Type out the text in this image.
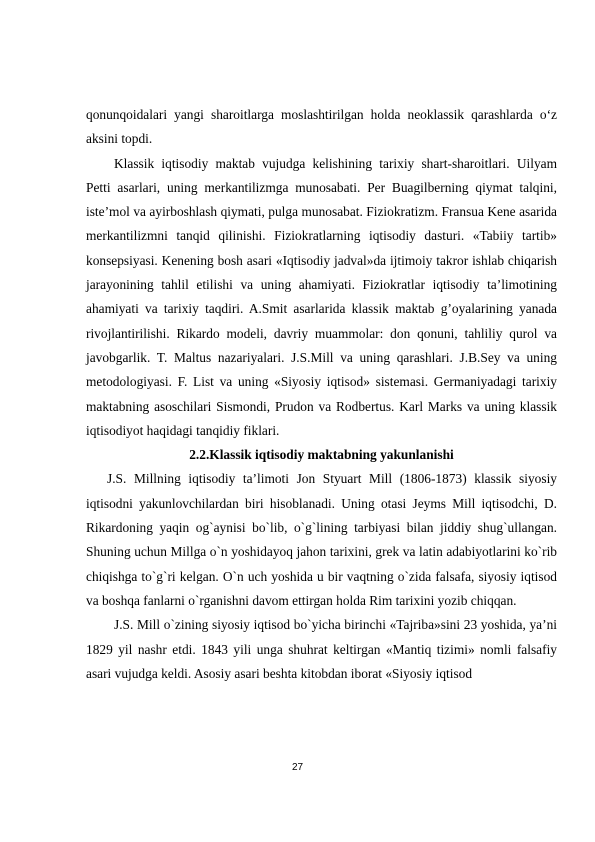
qonunqoidalari yangi sharoitlarga moslashtirilgan holda neoklassik qarashlarda o‘z aksini topdi.

Klassik iqtisodiy maktab vujudga kelishining tarixiy shart-sharoitlari. Uilyam Petti asarlari, uning merkantilizmga munosabati. Per Buagilberning qiymat talqini, iste’mol va ayirboshlash qiymati, pulga munosabat. Fiziokratizm. Fransua Kene asarida merkantilizmni tanqid qilinishi. Fiziokratlarning iqtisodiy dasturi. «Tabiiy tartib» konsepsiyasi. Kenening bosh asari «Iqtisodiy jadval»da ijtimoiy takror ishlab chiqarish jarayonining tahlil etilishi va uning ahamiyati. Fiziokratlar iqtisodiy ta’limotining ahamiyati va tarixiy taqdiri. A.Smit asarlarida klassik maktab g’oyalarining yanada rivojlantirilishi. Rikardo modeli, davriy muammolar: don qonuni, tahliliy qurol va javobgarlik. T. Maltus nazariyalari. J.S.Mill va uning qarashlari. J.B.Sey va uning metodologiyasi. F. List va uning «Siyosiy iqtisod» sistemasi. Germaniyadagi tarixiy maktabning asoschilari Sismondi, Prudon va Rodbertus. Karl Marks va uning klassik iqtisodiyot haqidagi tanqidiy fiklari.

2.2.Klassik iqtisodiy maktabning yakunlanishi

J.S. Millning iqtisodiy ta’limoti Jon Styuart Mill (1806-1873) klassik siyosiy iqtisodni yakunlovchilardan biri hisoblanadi. Uning otasi Jeyms Mill iqtisodchi, D. Rikardoning yaqin og`aynisi bo`lib, o`g`lining tarbiyasi bilan jiddiy shug`ullangan. Shuning uchun Millga o`n yoshidayoq jahon tarixini, grek va latin adabiyotlarini ko`rib chiqishga to`g`ri kelgan. O`n uch yoshida u bir vaqtning o`zida falsafa, siyosiy iqtisod va boshqa fanlarni o`rganishni davom ettirgan holda Rim tarixini yozib chiqqan.

J.S. Mill o`zining siyosiy iqtisod bo`yicha birinchi «Tajriba»sini 23 yoshida, ya’ni 1829 yil nashr etdi. 1843 yili unga shuhrat keltirgan «Mantiq tizimi» nomli falsafiy asari vujudga keldi. Asosiy asari beshta kitobdan iborat «Siyosiy iqtisod

27
